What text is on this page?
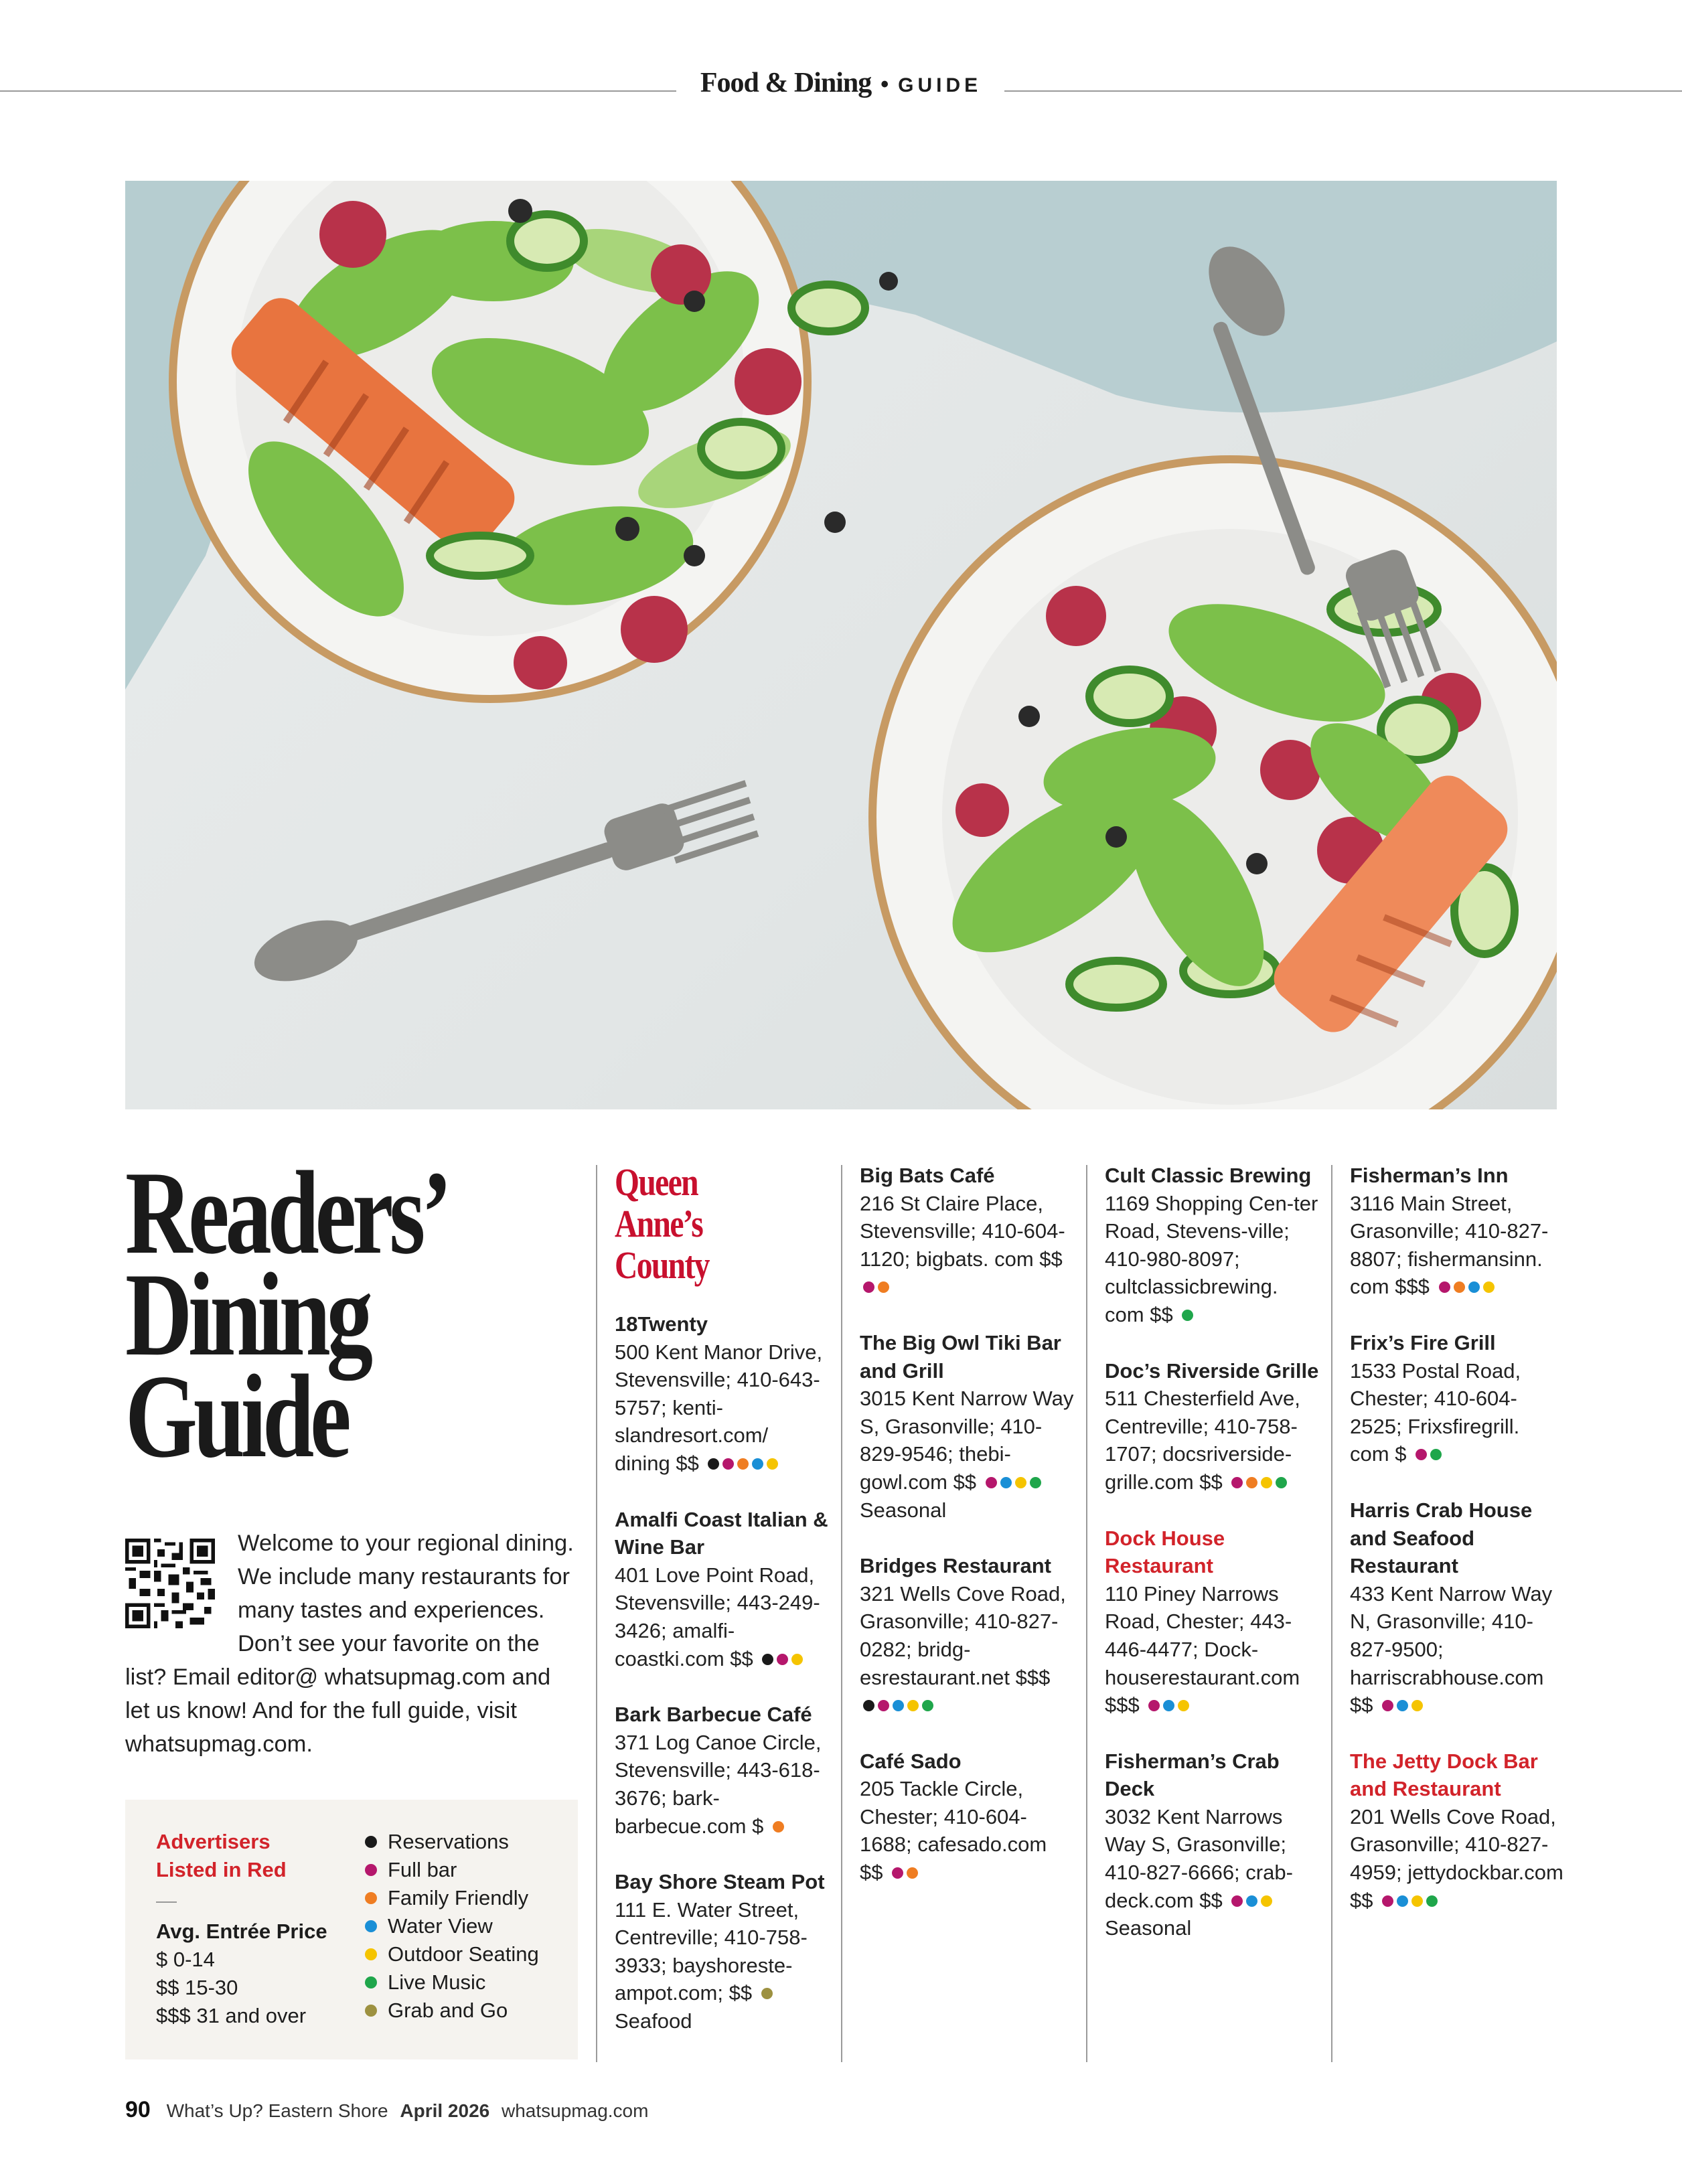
Food & Dining • GUIDE
Readers’
Dining
Guide
Welcome to your regional dining. We include many restaurants for many tastes and experiences. Don’t see your favorite on the list? Email editor@ whatsupmag.com and let us know! And for the full guide, visit whatsupmag.com.
Advertisers Listed in Red
—
Avg. Entrée Price
$ 0-14
$$ 15-30
$$$ 31 and over
Reservations
Full bar
Family Friendly
Water View
Outdoor Seating
Live Music
Grab and Go
Queen Anne’s County
18Twenty
500 Kent Manor Drive, Stevensville; 410-643-5757; kenti-slandresort.com/ dining $$
Amalfi Coast Italian & Wine Bar
401 Love Point Road, Stevensville; 443-249-3426; amalfi-coastki.com $$
Bark Barbecue Café
371 Log Canoe Circle, Stevensville; 443-618-3676; bark-barbecue.com $
Bay Shore Steam Pot
111 E. Water Street, Centreville; 410-758-3933; bayshoreste-ampot.com; $$
Seafood
Big Bats Café
216 St Claire Place, Stevensville; 410-604-1120; bigbats. com $$
The Big Owl Tiki Bar and Grill
3015 Kent Narrow Way S, Grasonville; 410-829-9546; thebi-gowl.com $$
Seasonal
Bridges Restaurant
321 Wells Cove Road, Grasonville; 410-827-0282; bridg-esrestaurant.net $$$
Café Sado
205 Tackle Circle, Chester; 410-604-1688; cafesado.com $$
Cult Classic Brewing
1169 Shopping Cen-ter Road, Stevens-ville; 410-980-8097; cultclassicbrewing. com $$
Doc’s Riverside Grille
511 Chesterfield Ave, Centreville; 410-758-1707; docsriverside-grille.com $$
Dock House Restaurant
110 Piney Narrows Road, Chester; 443-446-4477; Dock-houserestaurant.com $$$
Fisherman’s Crab Deck
3032 Kent Narrows Way S, Grasonville; 410-827-6666; crab-deck.com $$
Seasonal
Fisherman’s Inn
3116 Main Street, Grasonville; 410-827-8807; fishermansinn. com $$$
Frix’s Fire Grill
1533 Postal Road, Chester; 410-604-2525; Frixsfiregrill. com $
Harris Crab House and Seafood Restaurant
433 Kent Narrow Way N, Grasonville; 410-827-9500; harriscrabhouse.com $$
The Jetty Dock Bar and Restaurant
201 Wells Cove Road, Grasonville; 410-827-4959; jettydockbar.com $$
90 What’s Up? Eastern Shore April 2026 whatsupmag.com
